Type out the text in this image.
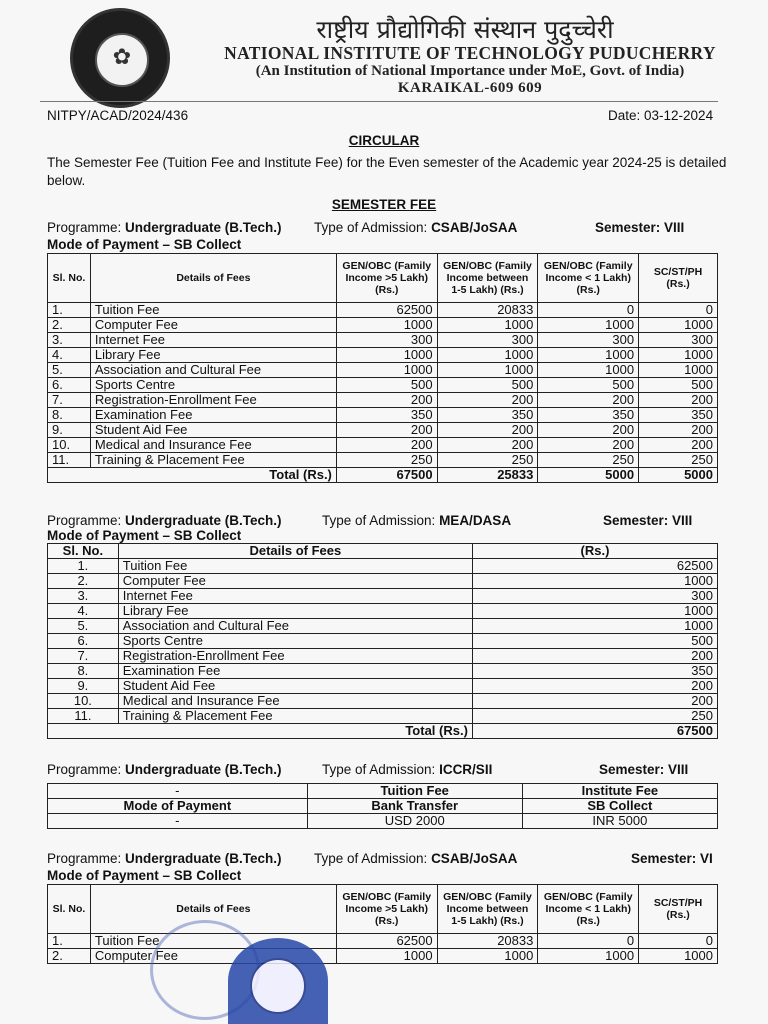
✿
राष्ट्रीय प्रौद्योगिकी संस्थान पुदुच्चेरी
NATIONAL INSTITUTE OF TECHNOLOGY PUDUCHERRY
(An Institution of National Importance under MoE, Govt. of India)
KARAIKAL-609 609
NITPY/ACAD/2024/436	Date: 03-12-2024
CIRCULAR
The Semester Fee (Tuition Fee and Institute Fee) for the Even semester of the Academic year 2024-25 is detailed below.
SEMESTER FEE
Programme: Undergraduate (B.Tech.) Type of Admission: CSAB/JoSAA	Semester: VIII
Mode of Payment – SB Collect
Sl. No.	Details of Fees	GEN/OBC (Family Income >5 Lakh) (Rs.)	GEN/OBC (Family Income between 1-5 Lakh) (Rs.)	GEN/OBC (Family Income < 1 Lakh) (Rs.)	SC/ST/PH (Rs.)
1.	Tuition Fee	62500	20833	0	0
2.	Computer Fee	1000	1000	1000	1000
3.	Internet Fee	300	300	300	300
4.	Library Fee	1000	1000	1000	1000
5.	Association and Cultural Fee	1000	1000	1000	1000
6.	Sports Centre	500	500	500	500
7.	Registration-Enrollment Fee	200	200	200	200
8.	Examination Fee	350	350	350	350
9.	Student Aid Fee	200	200	200	200
10.	Medical and Insurance Fee	200	200	200	200
11.	Training & Placement Fee	250	250	250	250
Total (Rs.)		67500	25833	5000	5000
Programme: Undergraduate (B.Tech.)	Type of Admission: MEA/DASA	Semester: VIII
Mode of Payment – SB Collect
Sl. No.	Details of Fees	(Rs.)
1.	Tuition Fee	62500
2.	Computer Fee	1000
3.	Internet Fee	300
4.	Library Fee	1000
5.	Association and Cultural Fee	1000
6.	Sports Centre	500
7.	Registration-Enrollment Fee	200
8.	Examination Fee	350
9.	Student Aid Fee	200
10.	Medical and Insurance Fee	200
11.	Training & Placement Fee	250
Total (Rs.)		67500
Programme: Undergraduate (B.Tech.)	Type of Admission: ICCR/SII	Semester: VIII
-	Tuition Fee	Institute Fee
Mode of Payment	Bank Transfer	SB Collect
-	USD 2000	INR 5000
Programme: Undergraduate (B.Tech.) Type of Admission: CSAB/JoSAA	Semester: VI
Mode of Payment – SB Collect
Sl. No.	Details of Fees	GEN/OBC (Family Income >5 Lakh) (Rs.)	GEN/OBC (Family Income between 1-5 Lakh) (Rs.)	GEN/OBC (Family Income < 1 Lakh) (Rs.)	SC/ST/PH (Rs.)
1.	Tuition Fee	62500	20833	0	0
2.	Computer Fee	1000	1000	1000	1000
